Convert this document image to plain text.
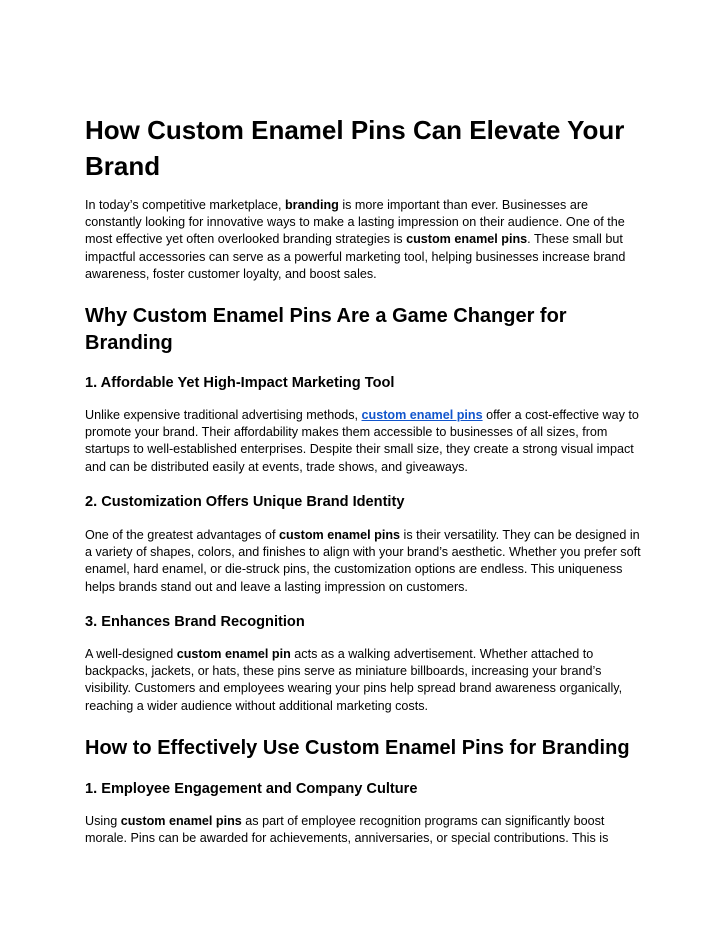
How Custom Enamel Pins Can Elevate Your Brand

In today’s competitive marketplace, branding is more important than ever. Businesses are constantly looking for innovative ways to make a lasting impression on their audience. One of the most effective yet often overlooked branding strategies is custom enamel pins. These small but impactful accessories can serve as a powerful marketing tool, helping businesses increase brand awareness, foster customer loyalty, and boost sales.

Why Custom Enamel Pins Are a Game Changer for Branding
1. Affordable Yet High-Impact Marketing Tool

Unlike expensive traditional advertising methods, custom enamel pins offer a cost-effective way to promote your brand. Their affordability makes them accessible to businesses of all sizes, from startups to well-established enterprises. Despite their small size, they create a strong visual impact and can be distributed easily at events, trade shows, and giveaways.

2. Customization Offers Unique Brand Identity

One of the greatest advantages of custom enamel pins is their versatility. They can be designed in a variety of shapes, colors, and finishes to align with your brand’s aesthetic. Whether you prefer soft enamel, hard enamel, or die-struck pins, the customization options are endless. This uniqueness helps brands stand out and leave a lasting impression on customers.

3. Enhances Brand Recognition

A well-designed custom enamel pin acts as a walking advertisement. Whether attached to backpacks, jackets, or hats, these pins serve as miniature billboards, increasing your brand’s visibility. Customers and employees wearing your pins help spread brand awareness organically, reaching a wider audience without additional marketing costs.

How to Effectively Use Custom Enamel Pins for Branding
1. Employee Engagement and Company Culture

Using custom enamel pins as part of employee recognition programs can significantly boost morale. Pins can be awarded for achievements, anniversaries, or special contributions. This is
